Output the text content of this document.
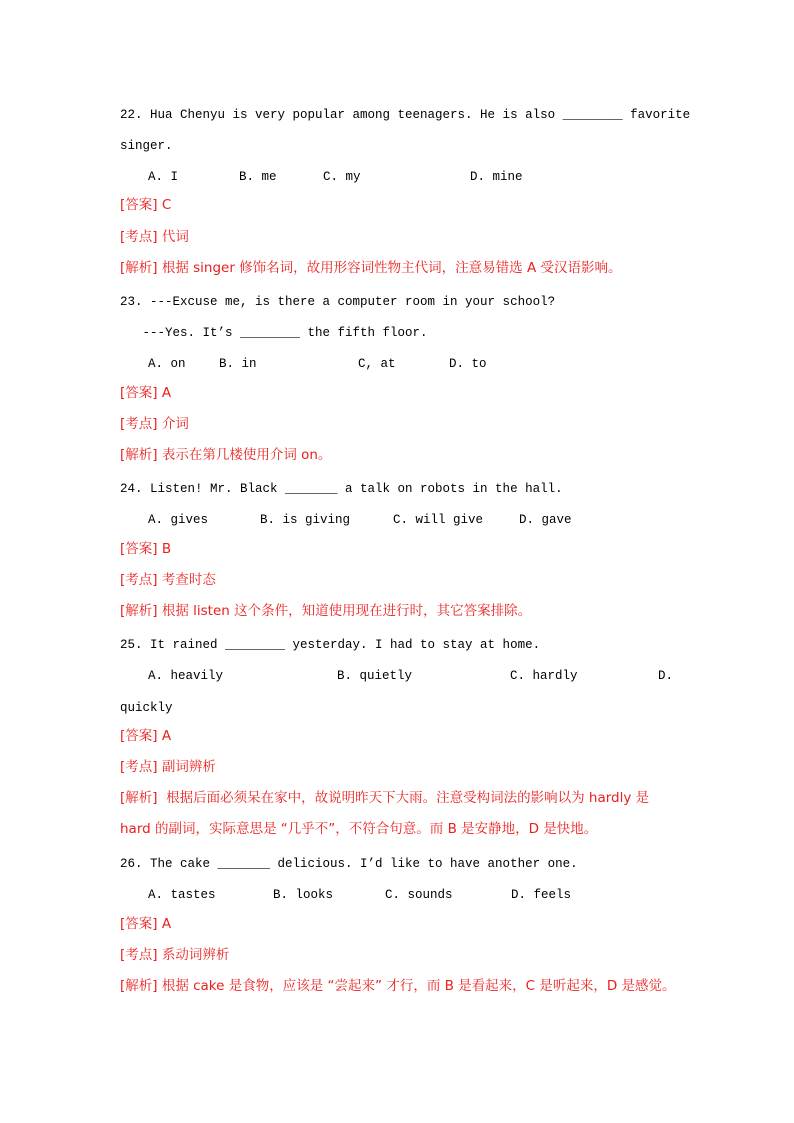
22. Hua Chenyu is very popular among teenagers. He is also ________ favorite
singer.
A. I	B. me	C. my	D. mine
[答案] C
[考点] 代词
[解析] 根据 singer 修饰名词，故用形容词性物主代词，注意易错选 A 受汉语影响。
23. ---Excuse me, is there a computer room in your school?
---Yes. It’s ________ the fifth floor.
A. on	B. in	C, at	D. to
[答案] A
[考点] 介词
[解析] 表示在第几楼使用介词 on。
24. Listen! Mr. Black _______ a talk on robots in the hall.
A. gives	B. is giving	C. will give	D. gave
[答案] B
[考点] 考查时态
[解析] 根据 listen 这个条件，知道使用现在进行时，其它答案排除。
25. It rained ________ yesterday. I had to stay at home.
A. heavily	B. quietly	C. hardly	D.
quickly
[答案] A
[考点] 副词辨析
[解析]  根据后面必须呆在家中，故说明昨天下大雨。注意受构词法的影响以为 hardly 是
hard 的副词，实际意思是 “几乎不”，不符合句意。而 B 是安静地，D 是快地。
26. The cake _______ delicious. I’d like to have another one.
A. tastes	B. looks	C. sounds	D. feels
[答案] A
[考点] 系动词辨析
[解析] 根据 cake 是食物，应该是 “尝起来” 才行，而 B 是看起来，C 是听起来，D 是感觉。
